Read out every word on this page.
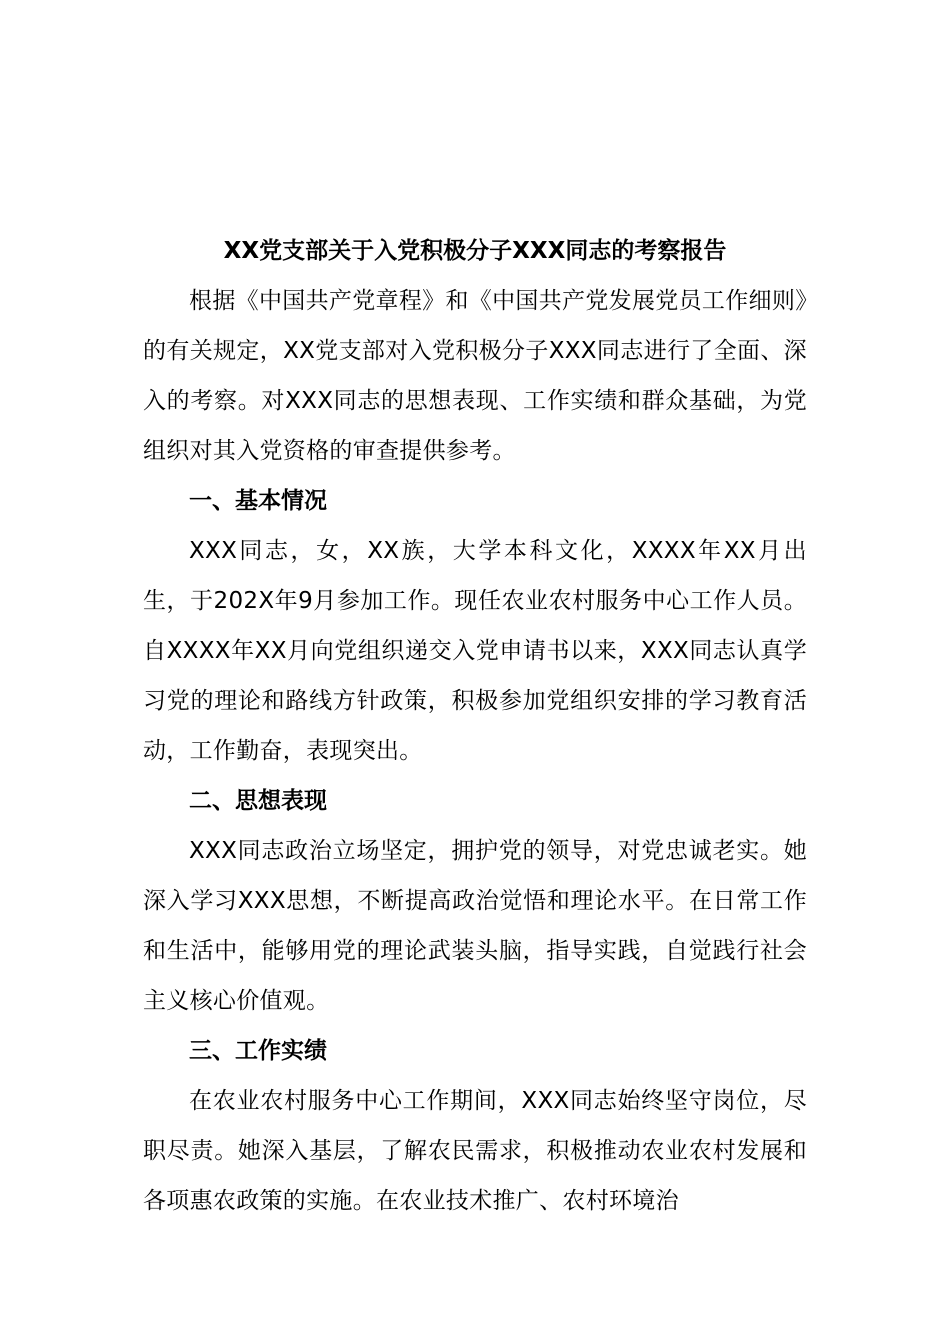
XX党支部关于入党积极分子XXX同志的考察报告

根据《中国共产党章程》和《中国共产党发展党员工作细则》的有关规定，XX党支部对入党积极分子XXX同志进行了全面、深入的考察。对XXX同志的思想表现、工作实绩和群众基础，为党组织对其入党资格的审查提供参考。

一、基本情况

XXX同志，女，XX族，大学本科文化，XXXX年XX月出生，于202X年9月参加工作。现任农业农村服务中心工作人员。自XXXX年XX月向党组织递交入党申请书以来，XXX同志认真学习党的理论和路线方针政策，积极参加党组织安排的学习教育活动，工作勤奋，表现突出。

二、思想表现

XXX同志政治立场坚定，拥护党的领导，对党忠诚老实。她深入学习XXX思想，不断提高政治觉悟和理论水平。在日常工作和生活中，能够用党的理论武装头脑，指导实践，自觉践行社会主义核心价值观。

三、工作实绩

在农业农村服务中心工作期间，XXX同志始终坚守岗位，尽职尽责。她深入基层，了解农民需求，积极推动农业农村发展和各项惠农政策的实施。在农业技术推广、农村环境治
